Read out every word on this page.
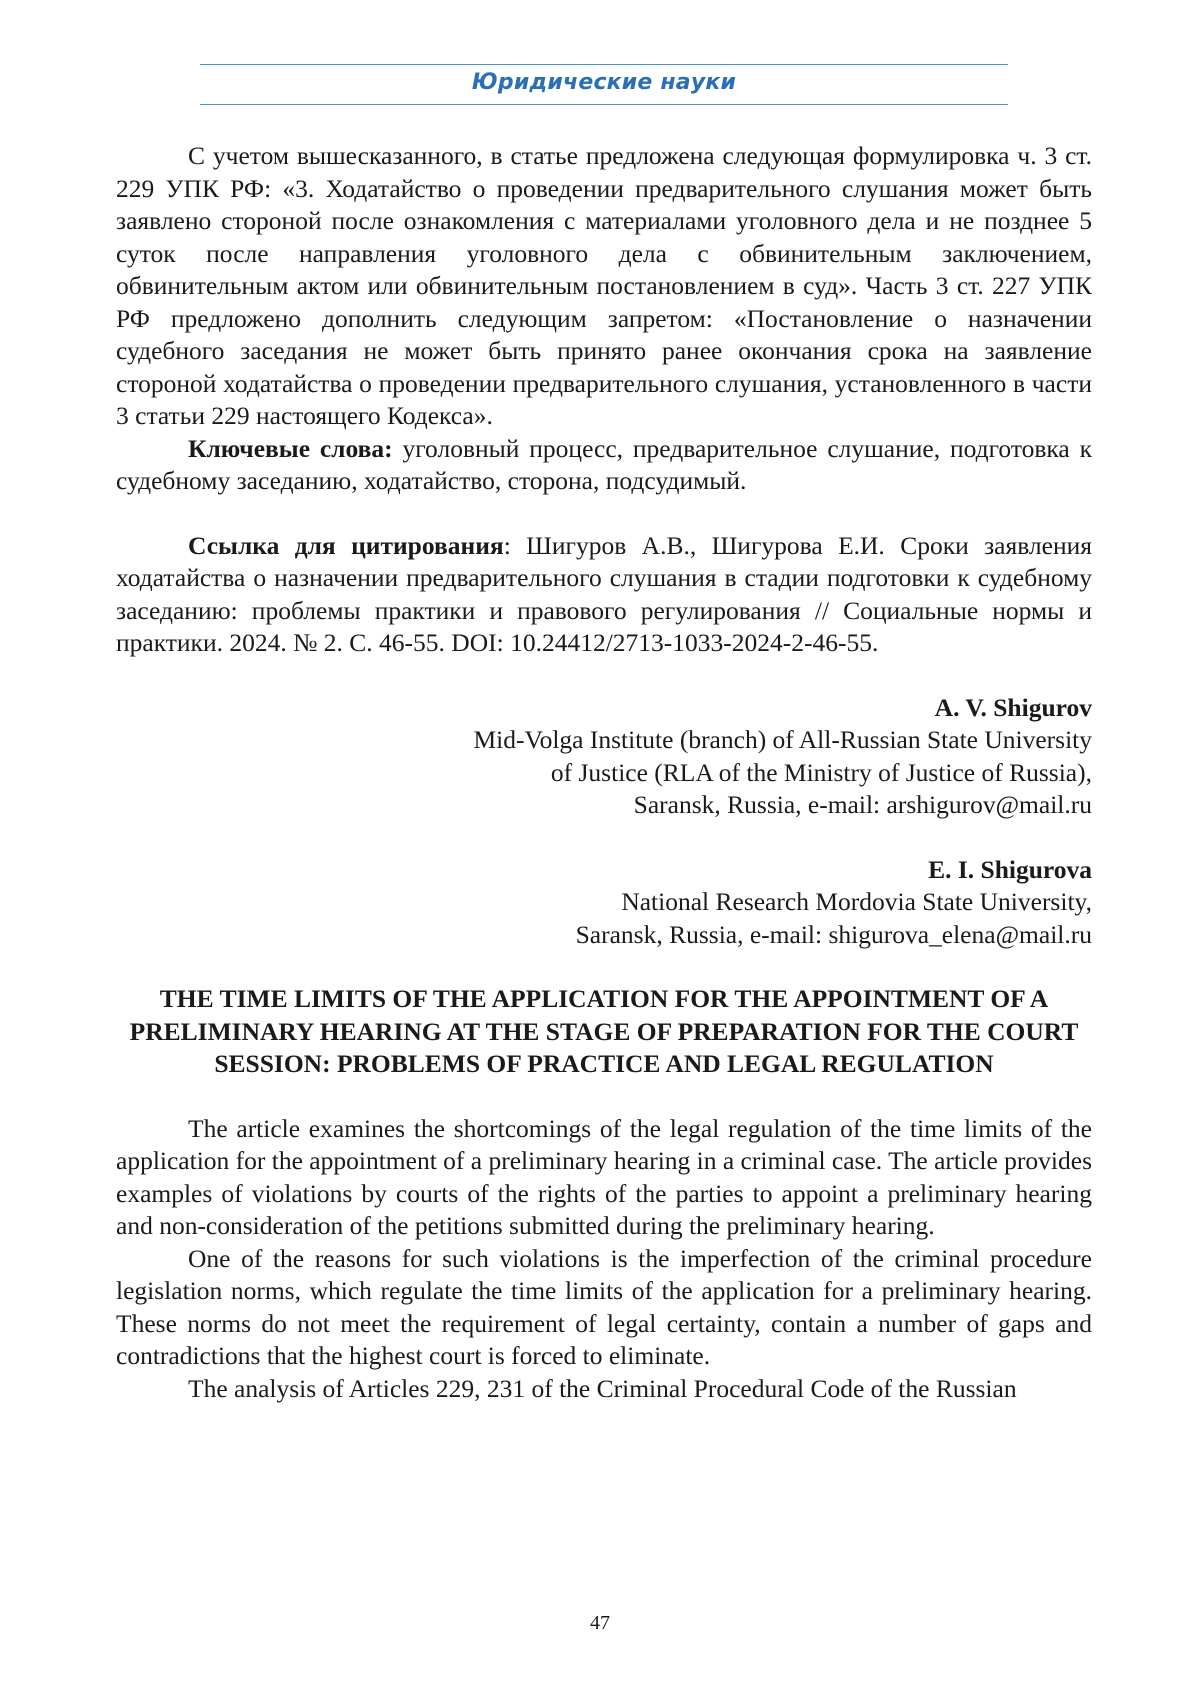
Юридические науки

С учетом вышесказанного, в статье предложена следующая формулировка ч. 3 ст. 229 УПК РФ: «3. Ходатайство о проведении предварительного слушания может быть заявлено стороной после ознакомления с материалами уголовного дела и не позднее 5 суток после направления уголовного дела с обвинительным заключением, обвинительным актом или обвинительным постановлением в суд». Часть 3 ст. 227 УПК РФ предложено дополнить следующим запретом: «Постановление о назначении судебного заседания не может быть принято ранее окончания срока на заявление стороной ходатайства о проведении предварительного слушания, установленного в части 3 статьи 229 настоящего Кодекса».

Ключевые слова: уголовный процесс, предварительное слушание, подготовка к судебному заседанию, ходатайство, сторона, подсудимый.

Ссылка для цитирования: Шигуров А.В., Шигурова Е.И. Сроки заявления ходатайства о назначении предварительного слушания в стадии подготовки к судебному заседанию: проблемы практики и правового регулирования // Социальные нормы и практики. 2024. № 2. С. 46-55. DOI: 10.24412/2713-1033-2024-2-46-55.

A. V. Shigurov
Mid-Volga Institute (branch) of All-Russian State University
of Justice (RLA of the Ministry of Justice of Russia),
Saransk, Russia, e-mail: arshigurov@mail.ru
E. I. Shigurova
National Research Mordovia State University,
Saransk, Russia, e-mail: shigurova_elena@mail.ru

THE TIME LIMITS OF THE APPLICATION FOR THE APPOINTMENT OF A PRELIMINARY HEARING AT THE STAGE OF PREPARATION FOR THE COURT SESSION: PROBLEMS OF PRACTICE AND LEGAL REGULATION

The article examines the shortcomings of the legal regulation of the time limits of the application for the appointment of a preliminary hearing in a criminal case. The article provides examples of violations by courts of the rights of the parties to appoint a preliminary hearing and non-consideration of the petitions submitted during the preliminary hearing.

One of the reasons for such violations is the imperfection of the criminal procedure legislation norms, which regulate the time limits of the application for a preliminary hearing. These norms do not meet the requirement of legal certainty, contain a number of gaps and contradictions that the highest court is forced to eliminate.

The analysis of Articles 229, 231 of the Criminal Procedural Code of the Russian

47
